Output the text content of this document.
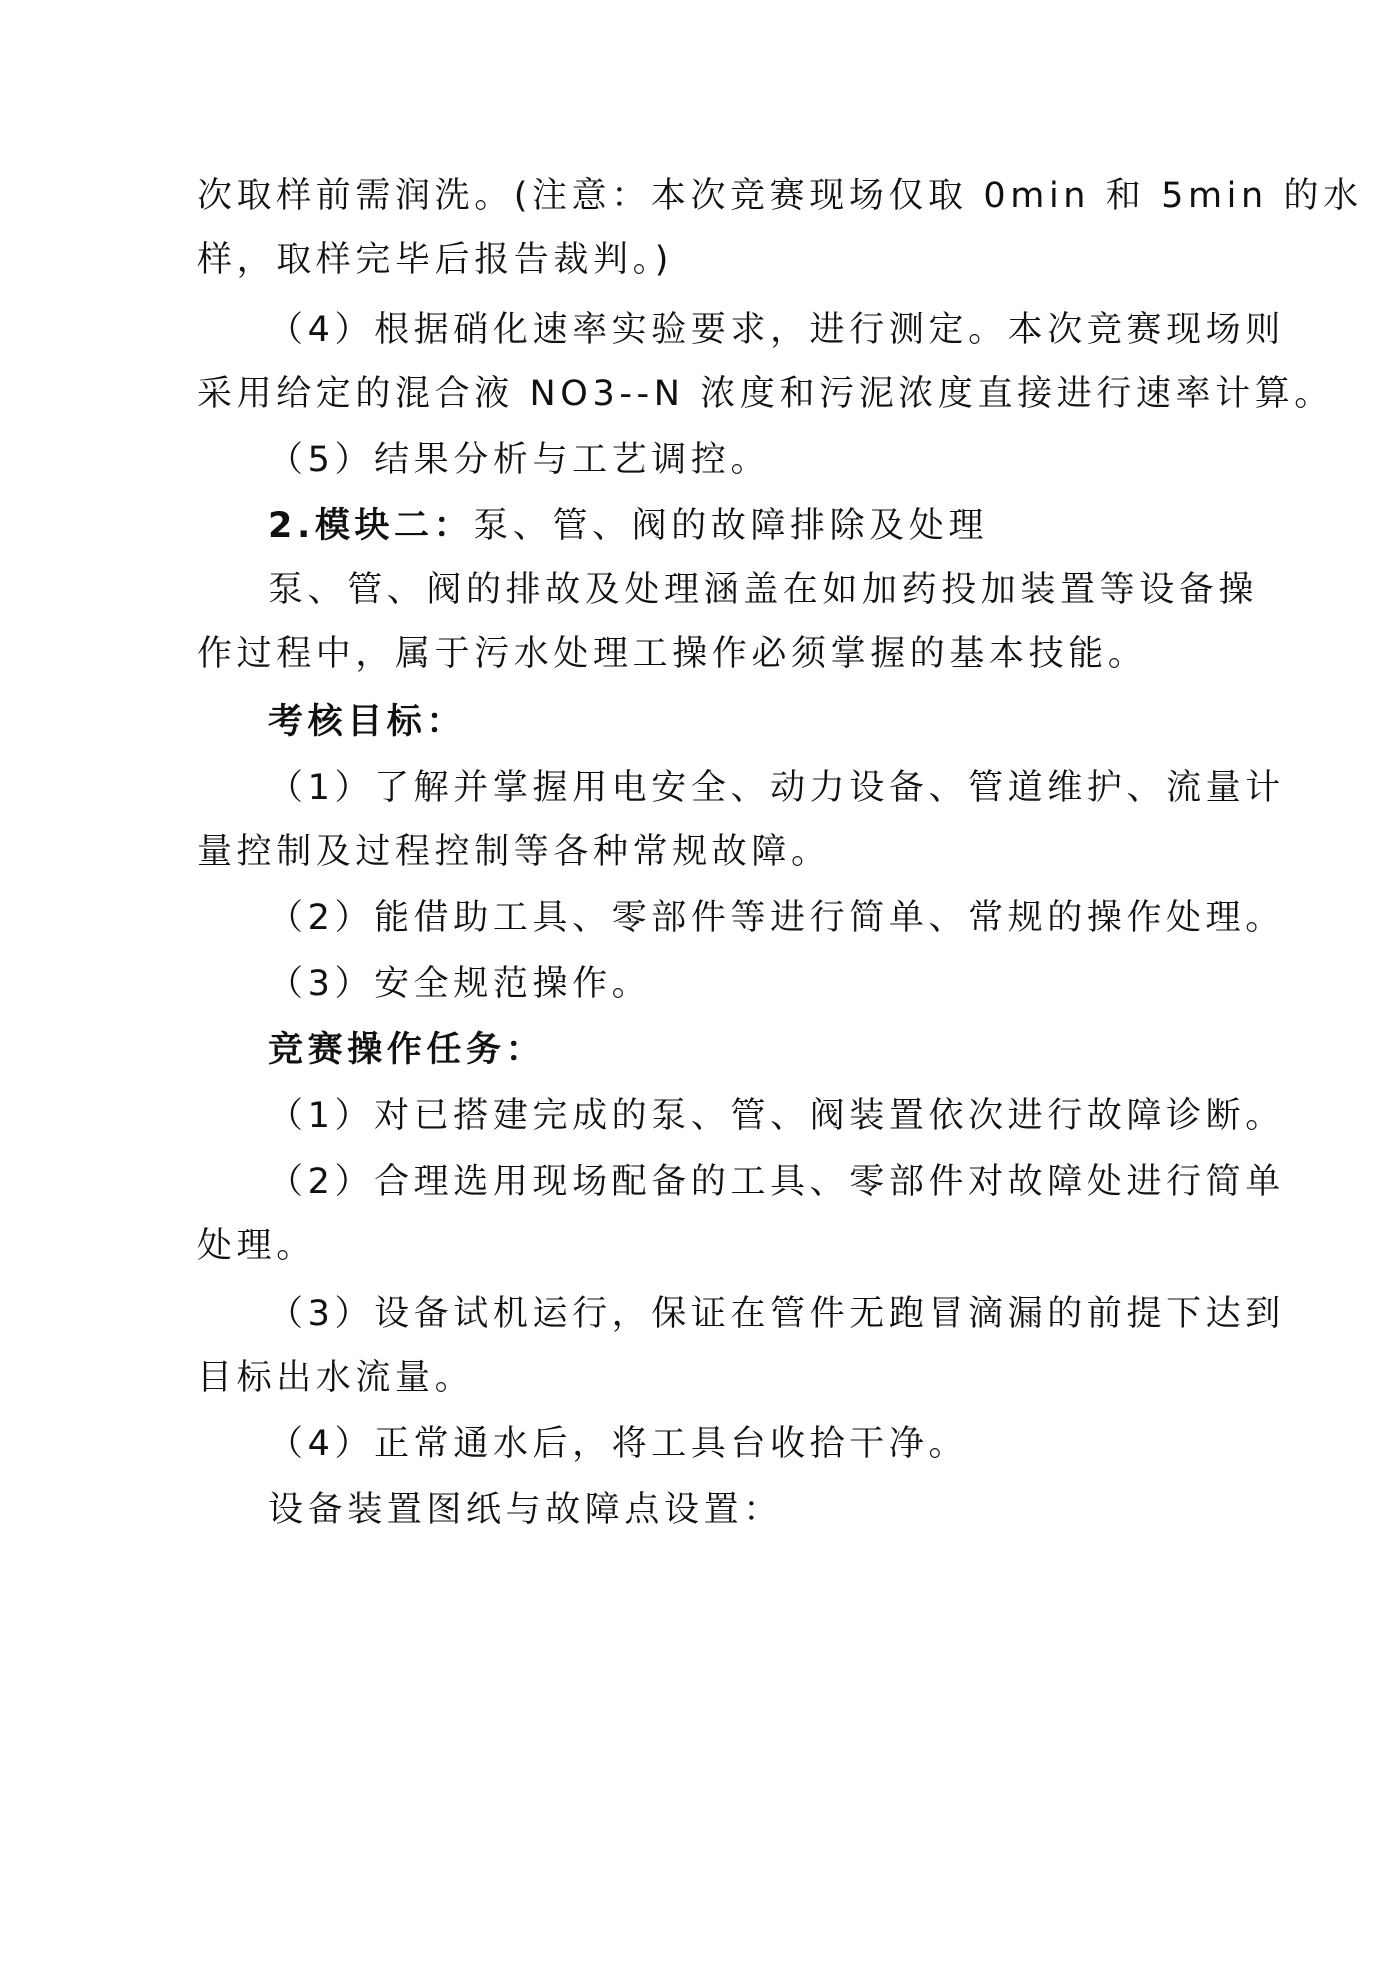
次取样前需润洗。(注意：本次竞赛现场仅取 0min 和 5min 的水
样，取样完毕后报告裁判。)
（4）根据硝化速率实验要求，进行测定。本次竞赛现场则
采用给定的混合液 NO3--N 浓度和污泥浓度直接进行速率计算。
（5）结果分析与工艺调控。
2.模块二：泵、管、阀的故障排除及处理
泵、管、阀的排故及处理涵盖在如加药投加装置等设备操
作过程中，属于污水处理工操作必须掌握的基本技能。
考核目标：
（1）了解并掌握用电安全、动力设备、管道维护、流量计
量控制及过程控制等各种常规故障。
（2）能借助工具、零部件等进行简单、常规的操作处理。
（3）安全规范操作。
竞赛操作任务：
（1）对已搭建完成的泵、管、阀装置依次进行故障诊断。
（2）合理选用现场配备的工具、零部件对故障处进行简单
处理。
（3）设备试机运行，保证在管件无跑冒滴漏的前提下达到
目标出水流量。
（4）正常通水后，将工具台收拾干净。
设备装置图纸与故障点设置：
